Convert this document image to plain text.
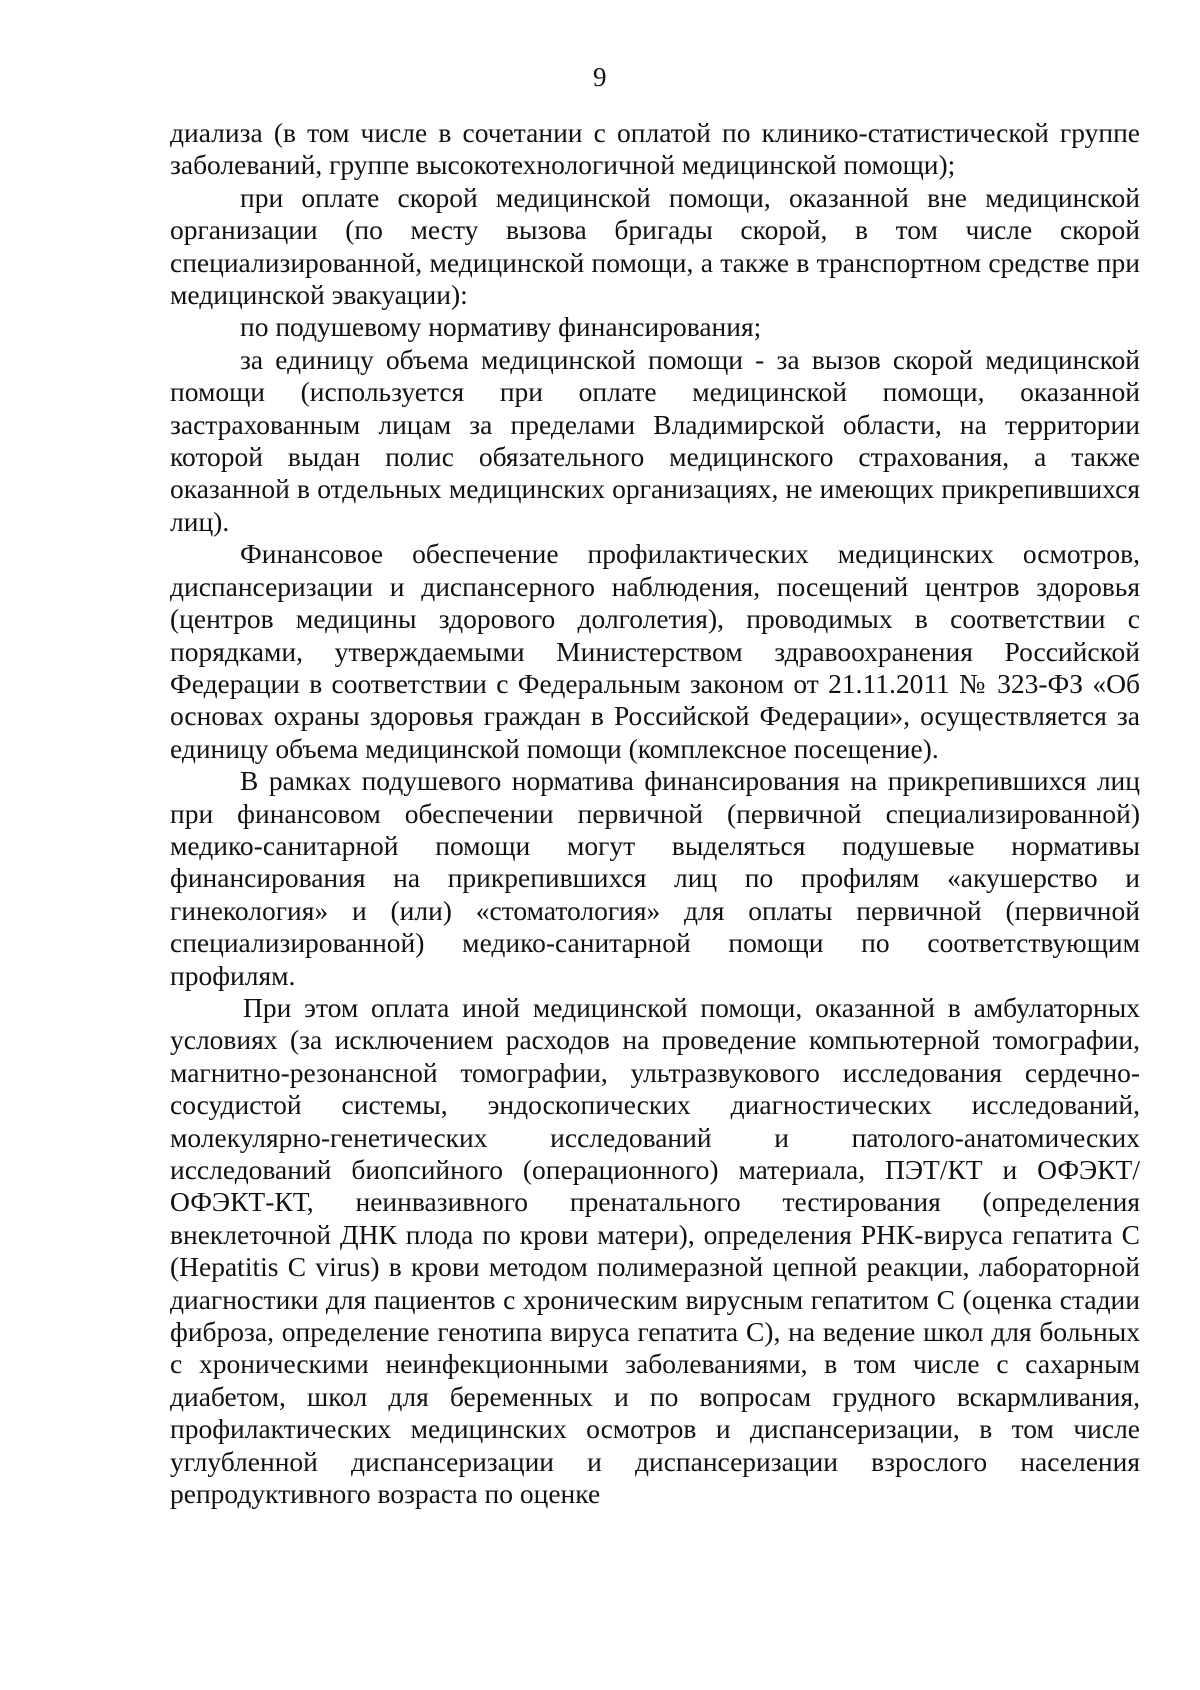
9

диализа (в том числе в сочетании с оплатой по клинико-статистической группе заболеваний, группе высокотехнологичной медицинской помощи);

при оплате скорой медицинской помощи, оказанной вне медицинской организации (по месту вызова бригады скорой, в том числе скорой специализированной, медицинской помощи, а также в транспортном средстве при медицинской эвакуации):

по подушевому нормативу финансирования;

за единицу объема медицинской помощи - за вызов скорой медицинской помощи (используется при оплате медицинской помощи, оказанной застрахованным лицам за пределами Владимирской области, на территории которой выдан полис обязательного медицинского страхования, а также оказанной в отдельных медицинских организациях, не имеющих прикрепившихся лиц).

Финансовое обеспечение профилактических медицинских осмотров, диспансеризации и диспансерного наблюдения, посещений центров здоровья (центров медицины здорового долголетия), проводимых в соответствии с порядками, утверждаемыми Министерством здравоохранения Российской Федерации в соответствии с Федеральным законом от 21.11.2011 № 323-ФЗ «Об основах охраны здоровья граждан в Российской Федерации», осуществляется за единицу объема медицинской помощи (комплексное посещение).

В рамках подушевого норматива финансирования на прикрепившихся лиц при финансовом обеспечении первичной (первичной специализированной) медико-санитарной помощи могут выделяться подушевые нормативы финансирования на прикрепившихся лиц по профилям «акушерство и гинекология» и (или) «стоматология» для оплаты первичной (первичной специализированной) медико-санитарной помощи по соответствующим профилям.

При этом оплата иной медицинской помощи, оказанной в амбулаторных условиях (за исключением расходов на проведение компьютерной томографии, магнитно-резонансной томографии, ультразвукового исследования сердечно-сосудистой системы, эндоскопических диагностических исследований, молекулярно-генетических исследований и патолого-анатомических исследований биопсийного (операционного) материала, ПЭТ/КТ и ОФЭКТ/ОФЭКТ-КТ, неинвазивного пренатального тестирования (определения внеклеточной ДНК плода по крови матери), определения РНК-вируса гепатита С (Hepatitis C virus) в крови методом полимеразной цепной реакции, лабораторной диагностики для пациентов с хроническим вирусным гепатитом С (оценка стадии фиброза, определение генотипа вируса гепатита С), на ведение школ для больных с хроническими неинфекционными заболеваниями, в том числе с сахарным диабетом, школ для беременных и по вопросам грудного вскармливания, профилактических медицинских осмотров и диспансеризации, в том числе углубленной диспансеризации и диспансеризации взрослого населения репродуктивного возраста по оценке
